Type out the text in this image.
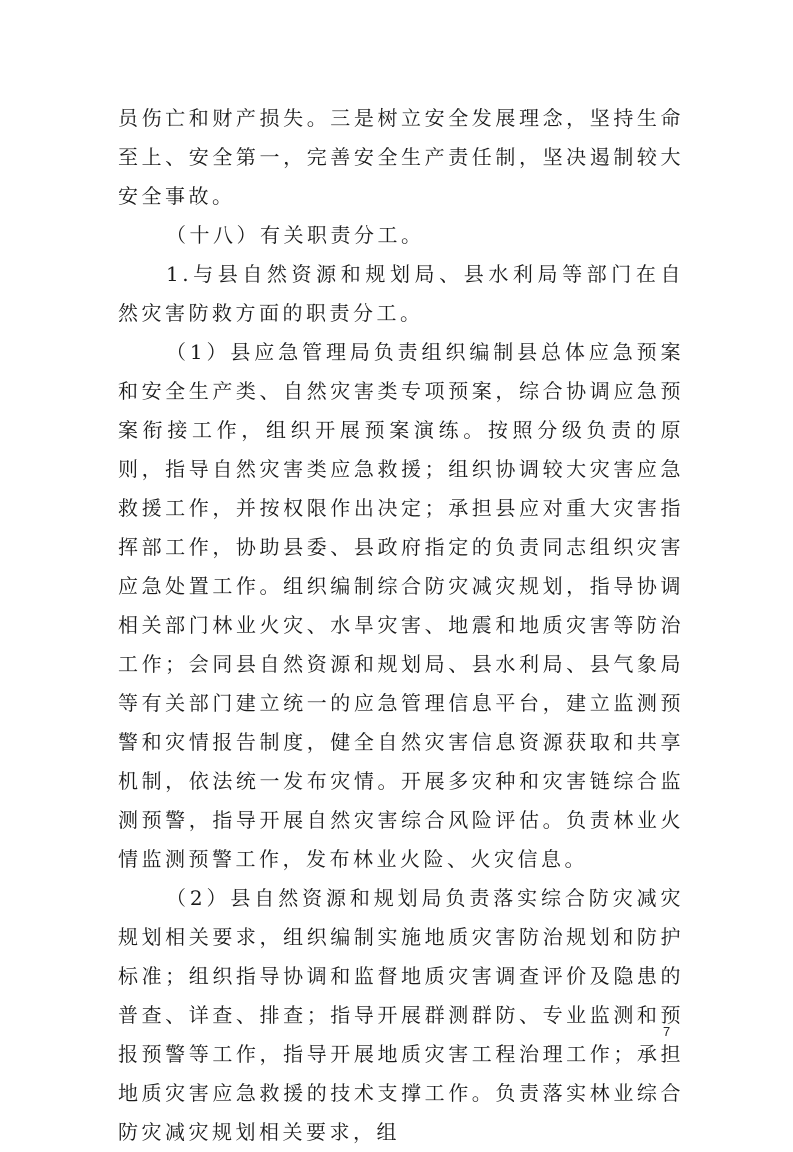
员伤亡和财产损失。三是树立安全发展理念，坚持生命至上、安全第一，完善安全生产责任制，坚决遏制较大安全事故。

（十八）有关职责分工。

1.与县自然资源和规划局、县水利局等部门在自然灾害防救方面的职责分工。

（1）县应急管理局负责组织编制县总体应急预案和安全生产类、自然灾害类专项预案，综合协调应急预案衔接工作，组织开展预案演练。按照分级负责的原则，指导自然灾害类应急救援；组织协调较大灾害应急救援工作，并按权限作出决定；承担县应对重大灾害指挥部工作，协助县委、县政府指定的负责同志组织灾害应急处置工作。组织编制综合防灾减灾规划，指导协调相关部门林业火灾、水旱灾害、地震和地质灾害等防治工作；会同县自然资源和规划局、县水利局、县气象局等有关部门建立统一的应急管理信息平台，建立监测预警和灾情报告制度，健全自然灾害信息资源获取和共享机制，依法统一发布灾情。开展多灾种和灾害链综合监测预警，指导开展自然灾害综合风险评估。负责林业火情监测预警工作，发布林业火险、火灾信息。

（2）县自然资源和规划局负责落实综合防灾减灾规划相关要求，组织编制实施地质灾害防治规划和防护标准；组织指导协调和监督地质灾害调查评价及隐患的普查、详查、排查；指导开展群测群防、专业监测和预报预警等工作，指导开展地质灾害工程治理工作；承担地质灾害应急救援的技术支撑工作。负责落实林业综合防灾减灾规划相关要求，组

7
